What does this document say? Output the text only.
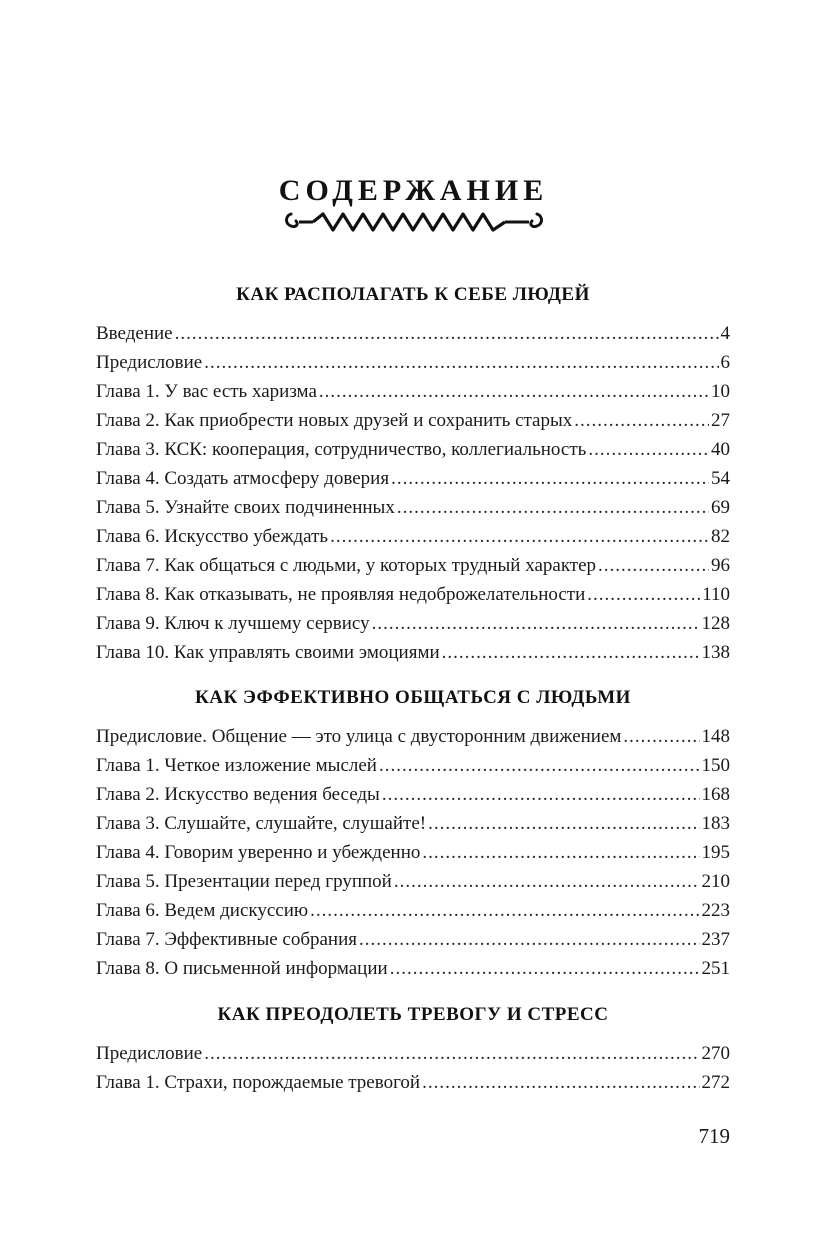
СОДЕРЖАНИЕ
КАК РАСПОЛАГАТЬ К СЕБЕ ЛЮДЕЙ
Введение .....	4
Предисловие .....	6
Глава 1. У вас есть харизма .....	10
Глава 2. Как приобрести новых друзей и сохранить старых .....	27
Глава 3. КСК: кооперация, сотрудничество, коллегиальность .....	40
Глава 4. Создать атмосферу доверия .....	54
Глава 5. Узнайте своих подчиненных .....	69
Глава 6. Искусство убеждать .....	82
Глава 7. Как общаться с людьми, у которых трудный характер .....	96
Глава 8. Как отказывать, не проявляя недоброжелательности .....	110
Глава 9. Ключ к лучшему сервису .....	128
Глава 10. Как управлять своими эмоциями .....	138
КАК ЭФФЕКТИВНО ОБЩАТЬСЯ С ЛЮДЬМИ
Предисловие. Общение — это улица с двусторонним движением .....	148
Глава 1. Четкое изложение мыслей .....	150
Глава 2. Искусство ведения беседы .....	168
Глава 3. Слушайте, слушайте, слушайте! .....	183
Глава 4. Говорим уверенно и убежденно .....	195
Глава 5. Презентации перед группой .....	210
Глава 6. Ведем дискуссию .....	223
Глава 7. Эффективные собрания .....	237
Глава 8. О письменной информации .....	251
КАК ПРЕОДОЛЕТЬ ТРЕВОГУ И СТРЕСС
Предисловие .....	270
Глава 1. Страхи, порождаемые тревогой .....	272
719
